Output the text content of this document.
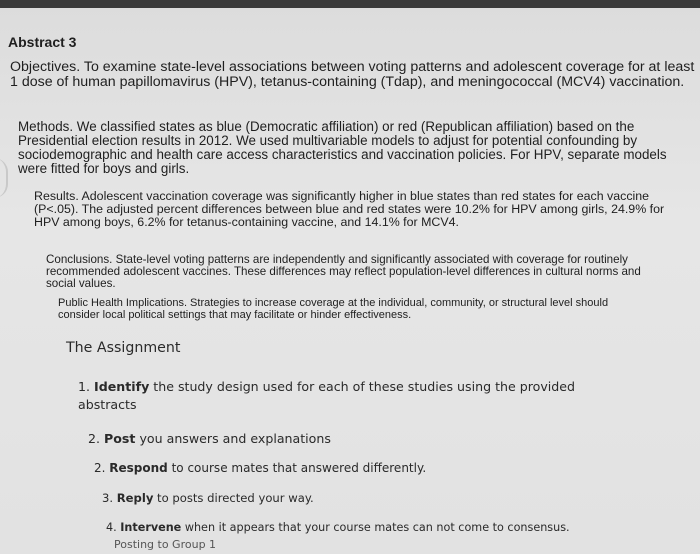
Abstract 3
Objectives. To examine state-level associations between voting patterns and adolescent coverage for at least 1 dose of human papillomavirus (HPV), tetanus-containing (Tdap), and meningococcal (MCV4) vaccination.
Methods. We classified states as blue (Democratic affiliation) or red (Republican affiliation) based on the Presidential election results in 2012. We used multivariable models to adjust for potential confounding by sociodemographic and health care access characteristics and vaccination policies. For HPV, separate models were fitted for boys and girls.
Results. Adolescent vaccination coverage was significantly higher in blue states than red states for each vaccine (P<.05). The adjusted percent differences between blue and red states were 10.2% for HPV among girls, 24.9% for HPV among boys, 6.2% for tetanus-containing vaccine, and 14.1% for MCV4.
Conclusions. State-level voting patterns are independently and significantly associated with coverage for routinely recommended adolescent vaccines. These differences may reflect population-level differences in cultural norms and social values.
Public Health Implications. Strategies to increase coverage at the individual, community, or structural level should consider local political settings that may facilitate or hinder effectiveness.
The Assignment
1. Identify the study design used for each of these studies using the provided abstracts
2. Post you answers and explanations
2. Respond to course mates that answered differently.
3. Reply to posts directed your way.
4. Intervene when it appears that your course mates can not come to consensus.
Posting to Group 1
